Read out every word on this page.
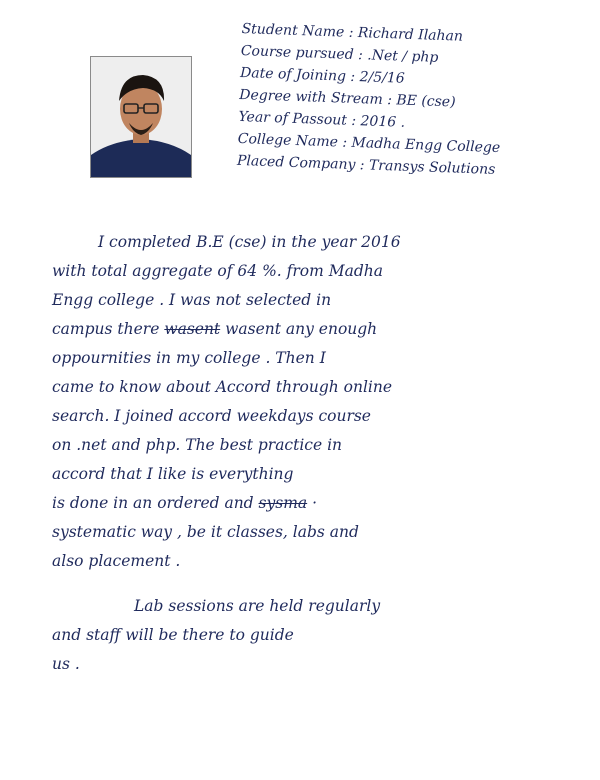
Student Name : Richard Ilahan
Course pursued : .Net / php
Date of Joining : 2/5/16
Degree with Stream : BE (cse)
Year of Passout : 2016 .
College Name : Madha Engg College
Placed Company : Transys Solutions
I completed B.E (cse) in the year 2016
with total aggregate of 64 %. from Madha
Engg college . I was not selected in
campus there wasent wasent any enough
oppournities in my college . Then I
came to know about Accord through online
search. I joined accord weekdays course
on .net and php. The best practice in
accord that I like is everything
is done in an ordered and sysma ·
systematic way , be it classes, labs and
also placement .
Lab sessions are held regularly
and staff will be there to guide
us .
